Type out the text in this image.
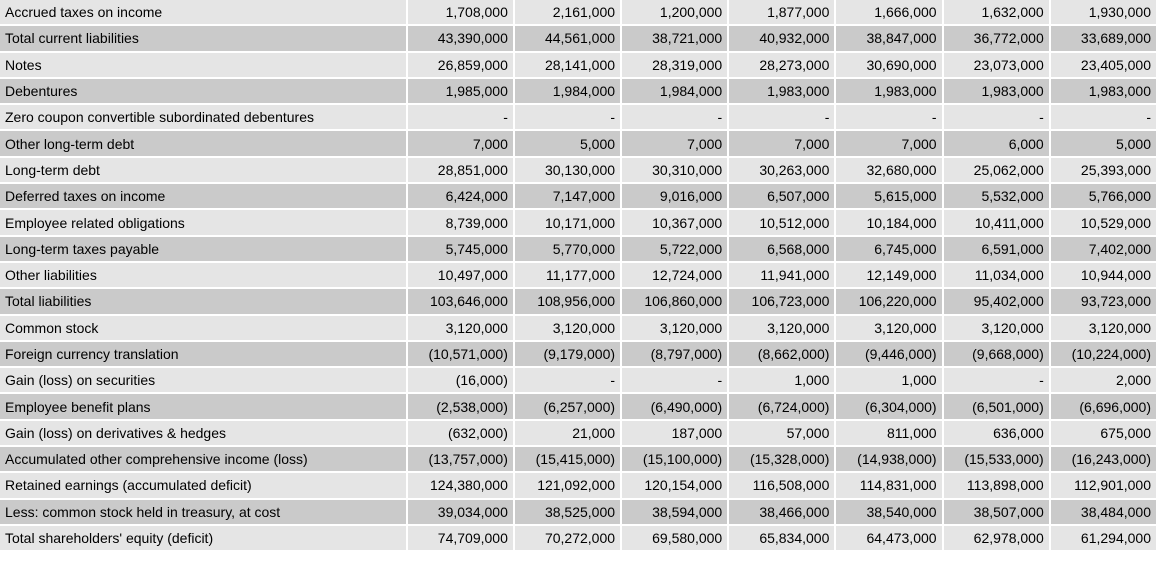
Accrued taxes on income	1,708,000	2,161,000	1,200,000	1,877,000	1,666,000	1,632,000	1,930,000
Total current liabilities	43,390,000	44,561,000	38,721,000	40,932,000	38,847,000	36,772,000	33,689,000
Notes	26,859,000	28,141,000	28,319,000	28,273,000	30,690,000	23,073,000	23,405,000
Debentures	1,985,000	1,984,000	1,984,000	1,983,000	1,983,000	1,983,000	1,983,000
Zero coupon convertible subordinated debentures	-	-	-	-	-	-	-
Other long-term debt	7,000	5,000	7,000	7,000	7,000	6,000	5,000
Long-term debt	28,851,000	30,130,000	30,310,000	30,263,000	32,680,000	25,062,000	25,393,000
Deferred taxes on income	6,424,000	7,147,000	9,016,000	6,507,000	5,615,000	5,532,000	5,766,000
Employee related obligations	8,739,000	10,171,000	10,367,000	10,512,000	10,184,000	10,411,000	10,529,000
Long-term taxes payable	5,745,000	5,770,000	5,722,000	6,568,000	6,745,000	6,591,000	7,402,000
Other liabilities	10,497,000	11,177,000	12,724,000	11,941,000	12,149,000	11,034,000	10,944,000
Total liabilities	103,646,000	108,956,000	106,860,000	106,723,000	106,220,000	95,402,000	93,723,000
Common stock	3,120,000	3,120,000	3,120,000	3,120,000	3,120,000	3,120,000	3,120,000
Foreign currency translation	(10,571,000)	(9,179,000)	(8,797,000)	(8,662,000)	(9,446,000)	(9,668,000)	(10,224,000)
Gain (loss) on securities	(16,000)	-	-	1,000	1,000	-	2,000
Employee benefit plans	(2,538,000)	(6,257,000)	(6,490,000)	(6,724,000)	(6,304,000)	(6,501,000)	(6,696,000)
Gain (loss) on derivatives & hedges	(632,000)	21,000	187,000	57,000	811,000	636,000	675,000
Accumulated other comprehensive income (loss)	(13,757,000)	(15,415,000)	(15,100,000)	(15,328,000)	(14,938,000)	(15,533,000)	(16,243,000)
Retained earnings (accumulated deficit)	124,380,000	121,092,000	120,154,000	116,508,000	114,831,000	113,898,000	112,901,000
Less: common stock held in treasury, at cost	39,034,000	38,525,000	38,594,000	38,466,000	38,540,000	38,507,000	38,484,000
Total shareholders' equity (deficit)	74,709,000	70,272,000	69,580,000	65,834,000	64,473,000	62,978,000	61,294,000
